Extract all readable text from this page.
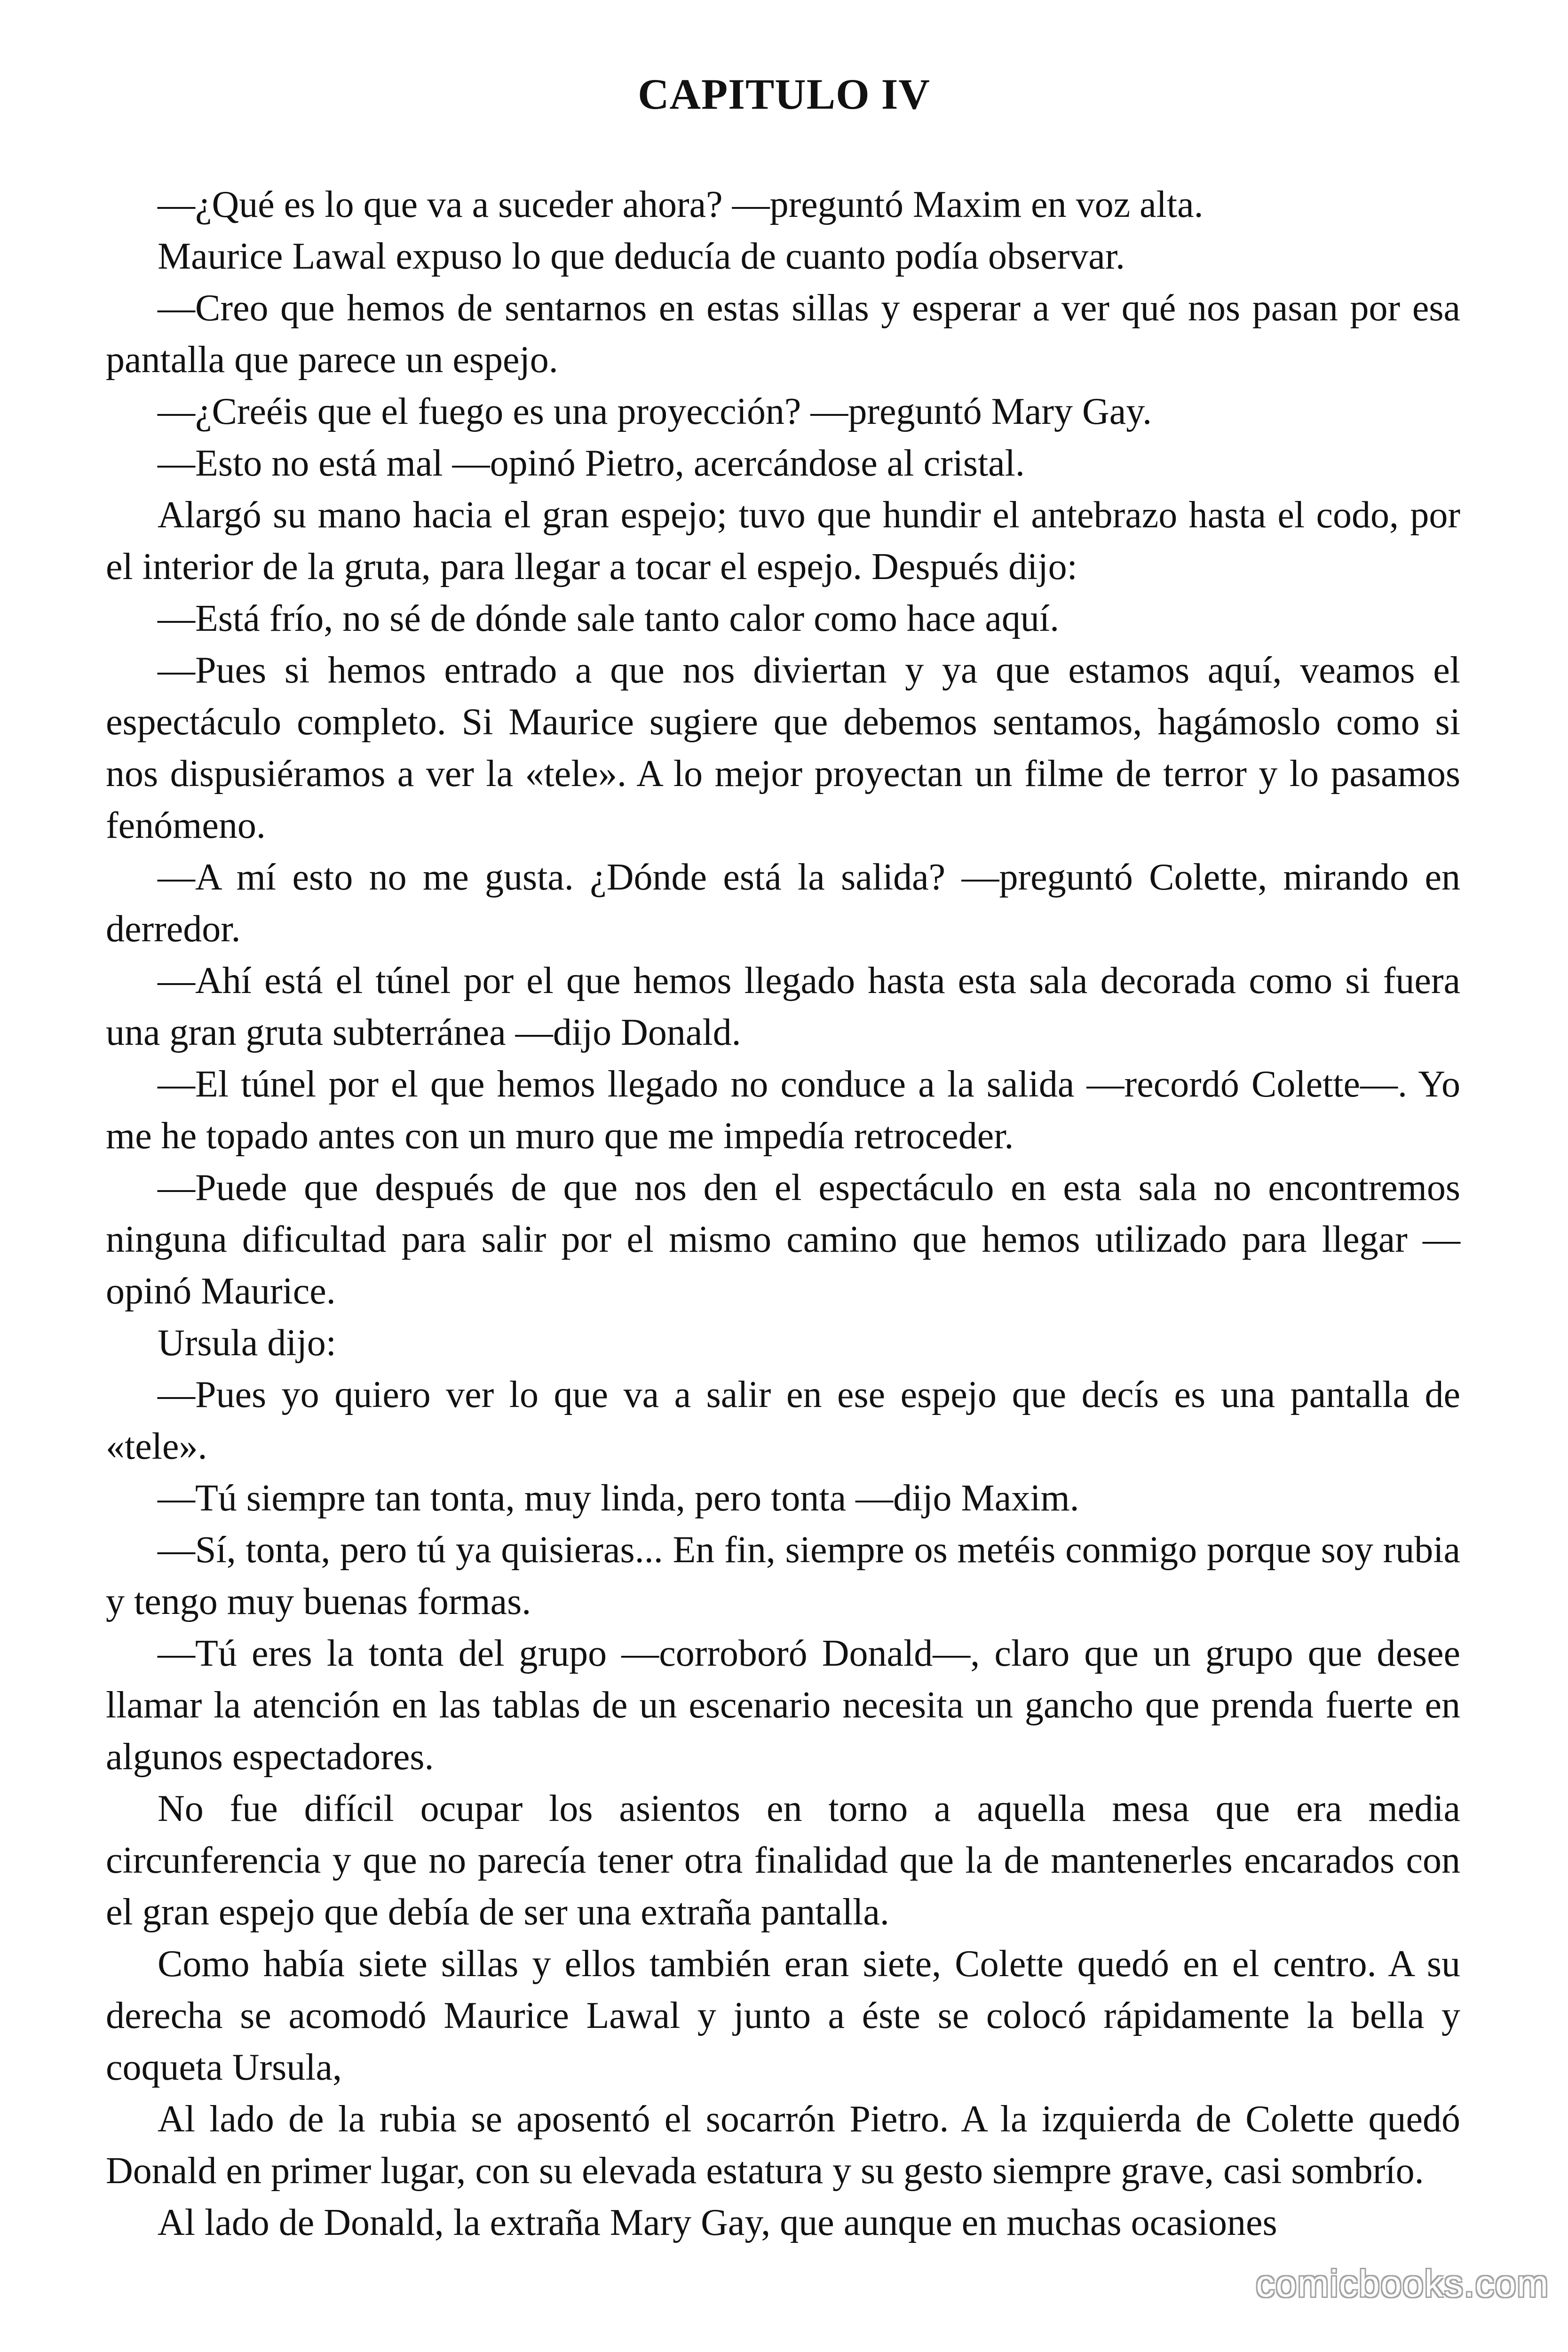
CAPITULO IV

—¿Qué es lo que va a suceder ahora? —preguntó Maxim en voz alta.

Maurice Lawal expuso lo que deducía de cuanto podía observar.

—Creo que hemos de sentarnos en estas sillas y esperar a ver qué nos pasan por esa pantalla que parece un espejo.

—¿Creéis que el fuego es una proyección? —preguntó Mary Gay.

—Esto no está mal —opinó Pietro, acercándose al cristal.

Alargó su mano hacia el gran espejo; tuvo que hundir el antebrazo hasta el codo, por el interior de la gruta, para llegar a tocar el espejo. Después dijo:

—Está frío, no sé de dónde sale tanto calor como hace aquí.

—Pues si hemos entrado a que nos diviertan y ya que estamos aquí, veamos el espectáculo completo. Si Maurice sugiere que debemos sentamos, hagámoslo como si nos dispusiéramos a ver la «tele». A lo mejor proyectan un filme de terror y lo pasamos fenómeno.

—A mí esto no me gusta. ¿Dónde está la salida? —preguntó Colette, mirando en derredor.

—Ahí está el túnel por el que hemos llegado hasta esta sala decorada como si fuera una gran gruta subterránea —dijo Donald.

—El túnel por el que hemos llegado no conduce a la salida —recordó Colette—. Yo me he topado antes con un muro que me impedía retroceder.

—Puede que después de que nos den el espectáculo en esta sala no encontremos ninguna dificultad para salir por el mismo camino que hemos utilizado para llegar —opinó Maurice.

Ursula dijo:

—Pues yo quiero ver lo que va a salir en ese espejo que decís es una pantalla de «tele».

—Tú siempre tan tonta, muy linda, pero tonta —dijo Maxim.

—Sí, tonta, pero tú ya quisieras... En fin, siempre os metéis conmigo porque soy rubia y tengo muy buenas formas.

—Tú eres la tonta del grupo —corroboró Donald—, claro que un grupo que desee llamar la atención en las tablas de un escenario necesita un gancho que prenda fuerte en algunos espectadores.

No fue difícil ocupar los asientos en torno a aquella mesa que era media circunferencia y que no parecía tener otra finalidad que la de mantenerles encarados con el gran espejo que debía de ser una extraña pantalla.

Como había siete sillas y ellos también eran siete, Colette quedó en el centro. A su derecha se acomodó Maurice Lawal y junto a éste se colocó rápidamente la bella y coqueta Ursula,

Al lado de la rubia se aposentó el socarrón Pietro. A la izquierda de Colette quedó Donald en primer lugar, con su elevada estatura y su gesto siempre grave, casi sombrío.

Al lado de Donald, la extraña Mary Gay, que aunque en muchas ocasiones

comicbooks.com
